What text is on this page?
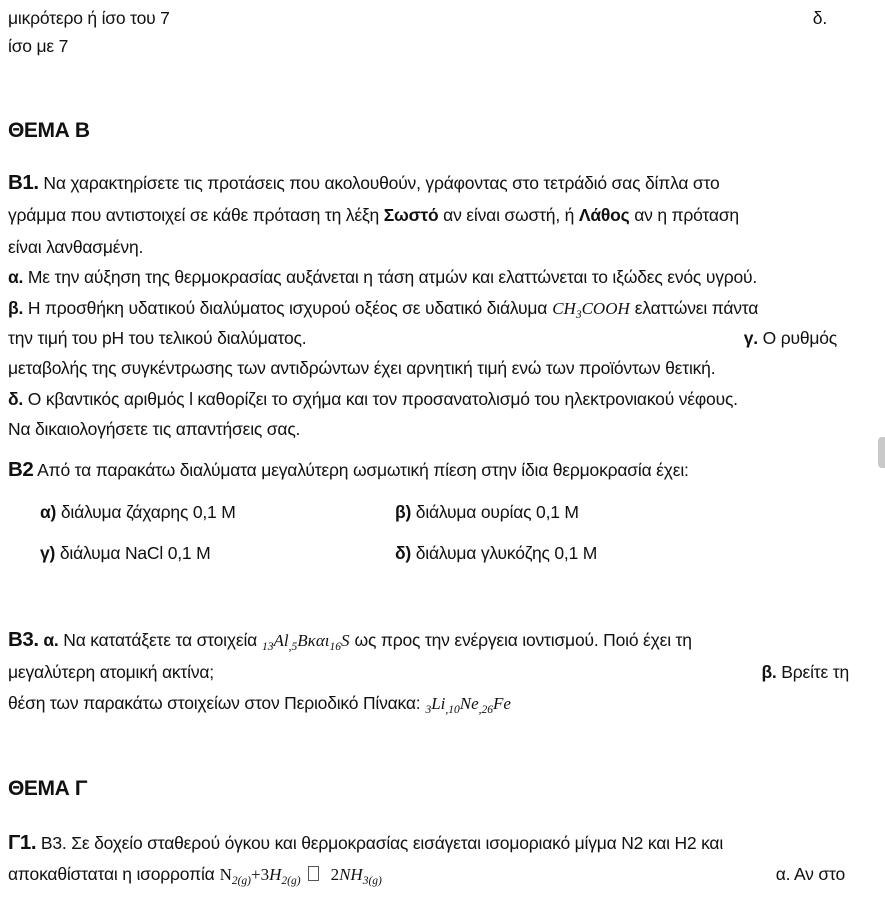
μικρότερο ή ίσο του 7	δ.
ίσο με 7
ΘΕΜΑ Β
Β1. Να χαρακτηρίσετε τις προτάσεις που ακολουθούν, γράφοντας στο τετράδιό σας δίπλα στο
γράμμα που αντιστοιχεί σε κάθε πρόταση τη λέξη Σωστό αν είναι σωστή, ή Λάθος αν η πρόταση
είναι λανθασμένη.
α. Με την αύξηση της θερμοκρασίας αυξάνεται η τάση ατμών και ελαττώνεται το ιξώδες ενός υγρού.
β. Η προσθήκη υδατικού διαλύματος ισχυρού οξέος σε υδατικό διάλυμα $CH_3COOH$ ελαττώνει πάντα
την τιμή του pH του τελικού διαλύματος.	γ. Ο ρυθμός
μεταβολής της συγκέντρωσης των αντιδρώντων έχει αρνητική τιμή ενώ των προϊόντων θετική.
δ. Ο κβαντικός αριθμός l καθορίζει το σχήμα και τον προσανατολισμό του ηλεκτρονιακού νέφους.
Να δικαιολογήσετε τις απαντήσεις σας.
Β2 Από τα παρακάτω διαλύματα μεγαλύτερη ωσμωτική πίεση στην ίδια θερμοκρασία έχει:
α) διάλυμα ζάχαρης 0,1 Μ	β) διάλυμα ουρίας 0,1 Μ
γ) διάλυμα NaCl 0,1 Μ	δ) διάλυμα γλυκόζης 0,1 Μ
Β3. α. Να κατατάξετε τα στοιχεία $_{13}Al_{,5}B\kappa\alpha\iota_{16}S$ ως προς την ενέργεια ιοντισμού. Ποιό έχει τη
μεγαλύτερη ατομική ακτίνα;	β. Βρείτε τη
θέση των παρακάτω στοιχείων στον Περιοδικό Πίνακα: $_3Li_{,10}Ne_{,26}Fe$
ΘΕΜΑ Γ
Γ1. Β3. Σε δοχείο σταθερού όγκου και θερμοκρασίας εισάγεται ισομοριακό μίγμα Ν2 και Η2 και
αποκαθίσταται η ισορροπία $N_{2(g)}+3H_{2(g)}$ $2NH_{3(g)}$	α. Αν στο
